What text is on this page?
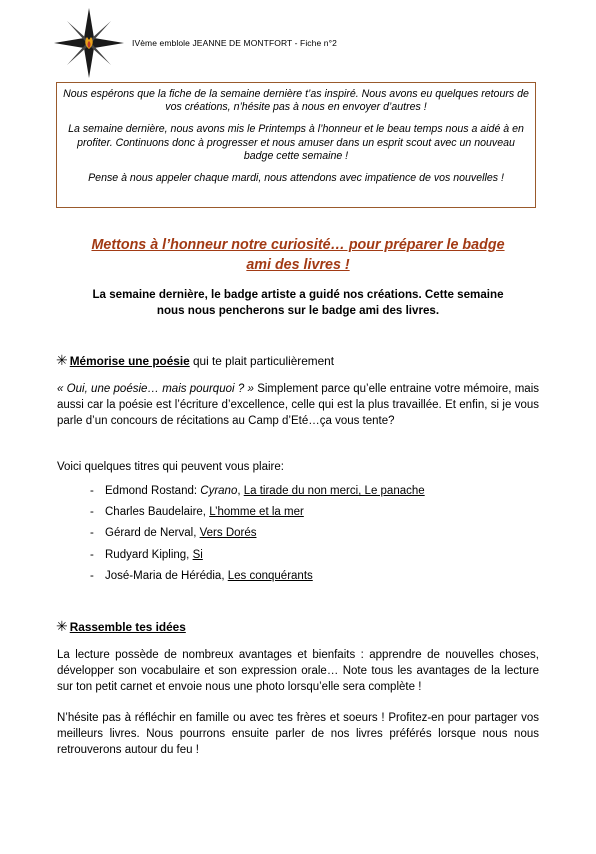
IVème emblole JEANNE DE MONTFORT - Fiche n°2

Nous espérons que la fiche de la semaine dernière t’as inspiré. Nous avons eu quelques retours de vos créations, n’hésite pas à nous en envoyer d’autres !

La semaine dernière, nous avons mis le Printemps à l’honneur et le beau temps nous a aidé à en profiter. Continuons donc à progresser et nous amuser dans un esprit scout avec un nouveau badge cette semaine !

Pense à nous appeler chaque mardi, nous attendons avec impatience de vos nouvelles !

Mettons à l’honneur notre curiosité… pour préparer le badge
ami des livres !
La semaine dernière, le badge artiste a guidé nos créations. Cette semaine
nous nous pencherons sur le badge ami des livres.
✳ Mémorise une poésie qui te plait particulièrement
« Oui, une poésie… mais pourquoi ? » Simplement parce qu’elle entraine votre mémoire, mais aussi car la poésie est l’écriture d’excellence, celle qui est la plus travaillée. Et enfin, si je vous parle d’un concours de récitations au Camp d’Eté…ça vous tente?
Voici quelques titres qui peuvent vous plaire:
- Edmond Rostand: Cyrano, La tirade du non merci, Le panache
- Charles Baudelaire, L’homme et la mer
- Gérard de Nerval, Vers Dorés
- Rudyard Kipling, Si
- José-Maria de Hérédia, Les conquérants
✳ Rassemble tes idées
La lecture possède de nombreux avantages et bienfaits : apprendre de nouvelles choses, développer son vocabulaire et son expression orale… Note tous les avantages de la lecture sur ton petit carnet et envoie nous une photo lorsqu’elle sera complète !
N’hésite pas à réfléchir en famille ou avec tes frères et soeurs ! Profitez-en pour partager vos meilleurs livres. Nous pourrons ensuite parler de nos livres préférés lorsque nous nous retrouverons autour du feu !
